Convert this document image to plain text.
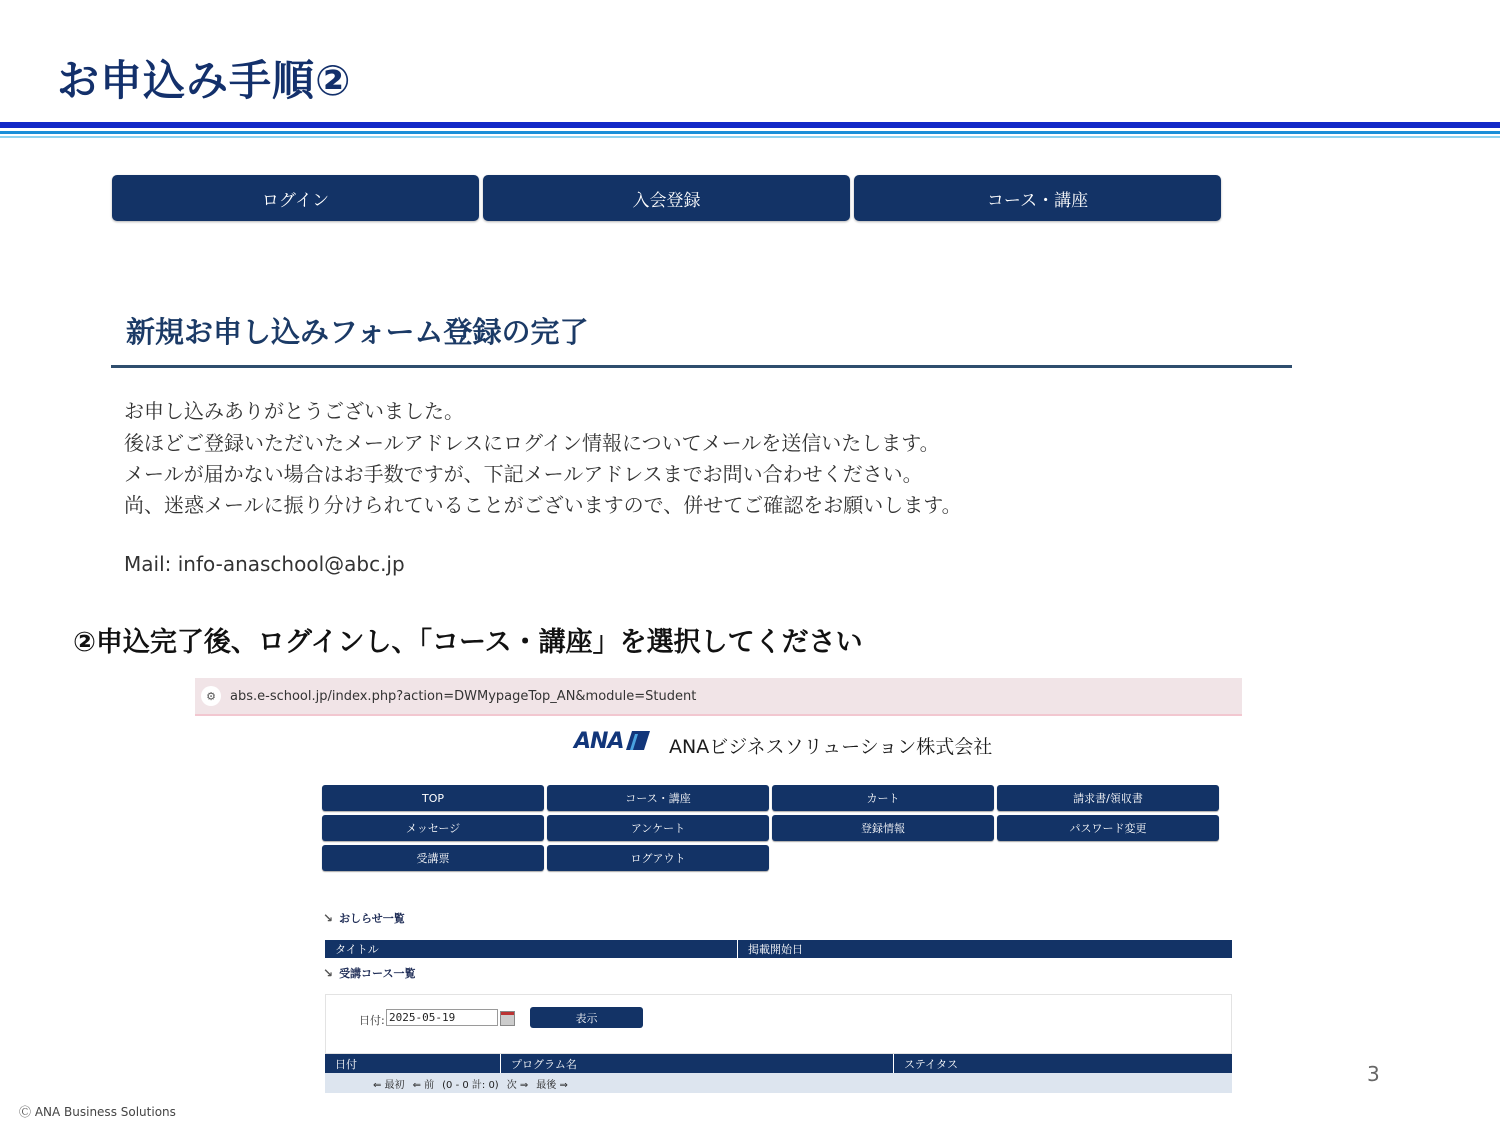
お申込み手順②
ログイン	入会登録	コース・講座
新規お申し込みフォーム登録の完了
お申し込みありがとうございました。
後ほどご登録いただいたメールアドレスにログイン情報についてメールを送信いたします。
メールが届かない場合はお手数ですが、下記メールアドレスまでお問い合わせください。
尚、迷惑メールに振り分けられていることがございますので、併せてご確認をお願いします。
Mail: info-anaschool@abc.jp
②申込完了後、ログインし、「コース・講座」を選択してください
⚙	abs.e-school.jp/index.php?action=DWMypageTop_AN&module=Student
ANA ANAビジネスソリューション株式会社
TOP	コース・講座	カート	請求書/領収書
メッセージ	アンケート	登録情報	パスワード変更
受講票	ログアウト
↘ おしらせ一覧
タイトル	掲載開始日
↘ 受講コース一覧
日付:
2025-05-19	表示
日付	プログラム名	ステイタス
⇐ 最初 ⇐ 前 (0 - 0 計: 0) 次 ⇒ 最後 ⇒	3
Ⓒ ANA Business Solutions
